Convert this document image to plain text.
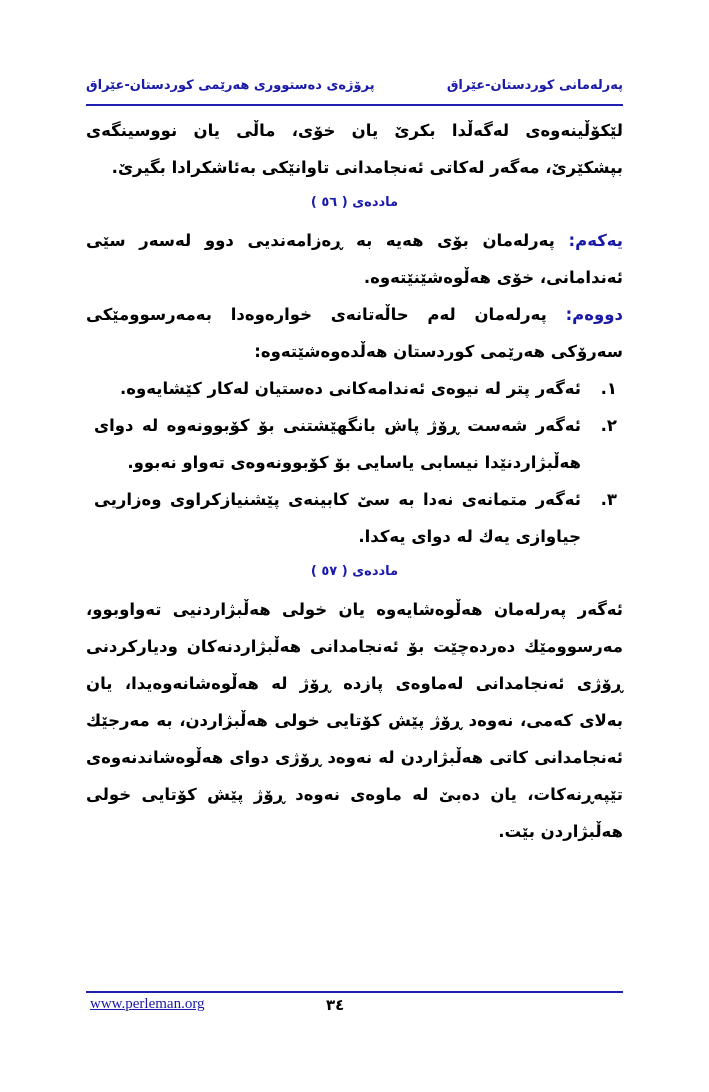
پەرلەمانی كوردستان-عێراق
پرۆژەی دەستووری هەرێمی كوردستان-عێراق

لێكۆڵینەوەی لەگەڵدا بكرێ یان خۆی، ماڵی یان نووسینگەی بپشكێرێ، مەگەر لەكاتی ئەنجامدانی تاوانێكی بەئاشكرادا بگیرێ.

ماددەی ( ٥٦ )

یەكەم: پەرلەمان بۆی هەیە بە ڕەزامەندیی دوو لەسەر سێی ئەندامانی، خۆی هەڵوەشێنێتەوە.

دووەم: پەرلەمان لەم حاڵەتانەی خوارەوەدا بەمەرسوومێكی سەرۆكی هەرێمی كوردستان هەڵدەوەشێتەوە:

١.
ئەگەر پتر لە نیوەی ئەندامەكانی دەستیان لەكار كێشایەوە.
٢.
ئەگەر شەست ڕۆژ پاش بانگهێشتنی بۆ كۆبوونەوە لە دوای هەڵبژاردنێدا نیسابی یاسایی بۆ كۆبوونەوەی تەواو نەبوو.
٣.
ئەگەر متمانەی نەدا بە سێ كابینەی پێشنیازكراوی وەزاریی جیاوازی یەك لە دوای یەكدا.

ماددەی ( ٥٧ )

ئەگەر پەرلەمان هەڵوەشایەوە یان خولی هەڵبژاردنیی تەواوبوو، مەرسوومێك دەردەچێت بۆ ئەنجامدانی هەڵبژاردنەكان ودیاركردنی ڕۆژی ئەنجامدانی لەماوەی پازدە ڕۆژ لە هەڵوەشانەوەیدا، یان بەلای كەمی، نەوەد ڕۆژ پێش كۆتایی خولی هەڵبژاردن، بە مەرجێك ئەنجامدانی كاتی هەڵبژاردن لە نەوەد ڕۆژی دوای هەڵوەشاندنەوەی تێپەڕنەكات، یان دەبێ لە ماوەی نەوەد ڕۆژ پێش كۆتایی خولی هەڵبژاردن بێت.

www.perleman.org	٣٤
